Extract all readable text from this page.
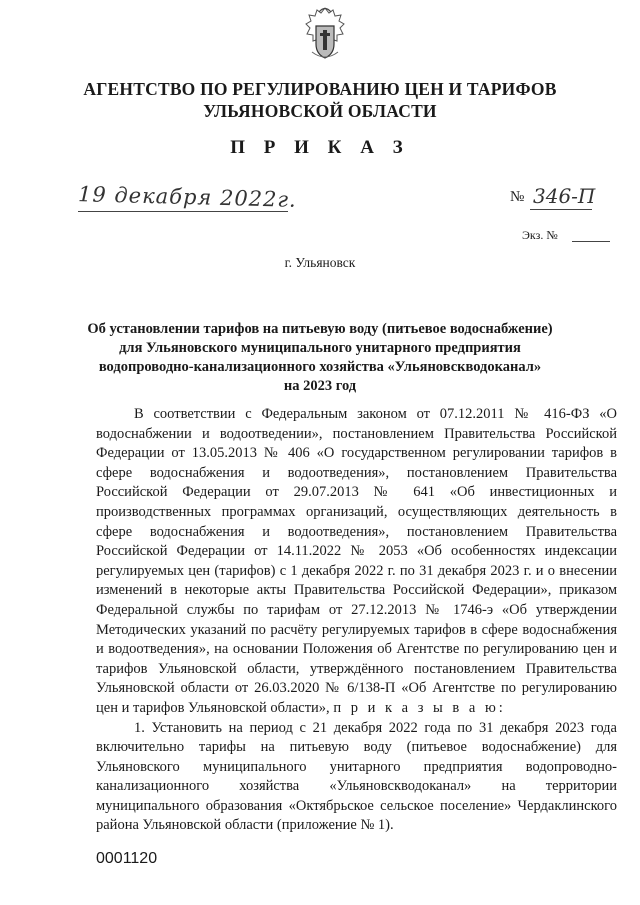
АГЕНТСТВО ПО РЕГУЛИРОВАНИЮ ЦЕН И ТАРИФОВ
УЛЬЯНОВСКОЙ ОБЛАСТИ
П Р И К А З
19 декабря 2022г.	№ 346-П
Экз. №
г. Ульяновск
Об установлении тарифов на питьевую воду (питьевое водоснабжение)
для Ульяновского муниципального унитарного предприятия
водопроводно-канализационного хозяйства «Ульяновскводоканал»
на 2023 год

В соответствии с Федеральным законом от 07.12.2011 № 416-ФЗ «О водоснабжении и водоотведении», постановлением Правительства Российской Федерации от 13.05.2013 № 406 «О государственном регулировании тарифов в сфере водоснабжения и водоотведения», постановлением Правительства Российской Федерации от 29.07.2013 № 641 «Об инвестиционных и производственных программах организаций, осуществляющих деятельность в сфере водоснабжения и водоотведения», постановлением Правительства Российской Федерации от 14.11.2022 № 2053 «Об особенностях индексации регулируемых цен (тарифов) с 1 декабря 2022 г. по 31 декабря 2023 г. и о внесении изменений в некоторые акты Правительства Российской Федерации», приказом Федеральной службы по тарифам от 27.12.2013 № 1746-э «Об утверждении Методических указаний по расчёту регулируемых тарифов в сфере водоснабжения и водоотведения», на основании Положения об Агентстве по регулированию цен и тарифов Ульяновской области, утверждённого постановлением Правительства Ульяновской области от 26.03.2020 № 6/138-П «Об Агентстве по регулированию цен и тарифов Ульяновской области», п р и к а з ы в а ю:

1. Установить на период с 21 декабря 2022 года по 31 декабря 2023 года включительно тарифы на питьевую воду (питьевое водоснабжение) для Ульяновского муниципального унитарного предприятия водопроводно-канализационного хозяйства «Ульяновскводоканал» на территории муниципального образования «Октябрьское сельское поселение» Чердаклинского района Ульяновской области (приложение № 1).

0001120
